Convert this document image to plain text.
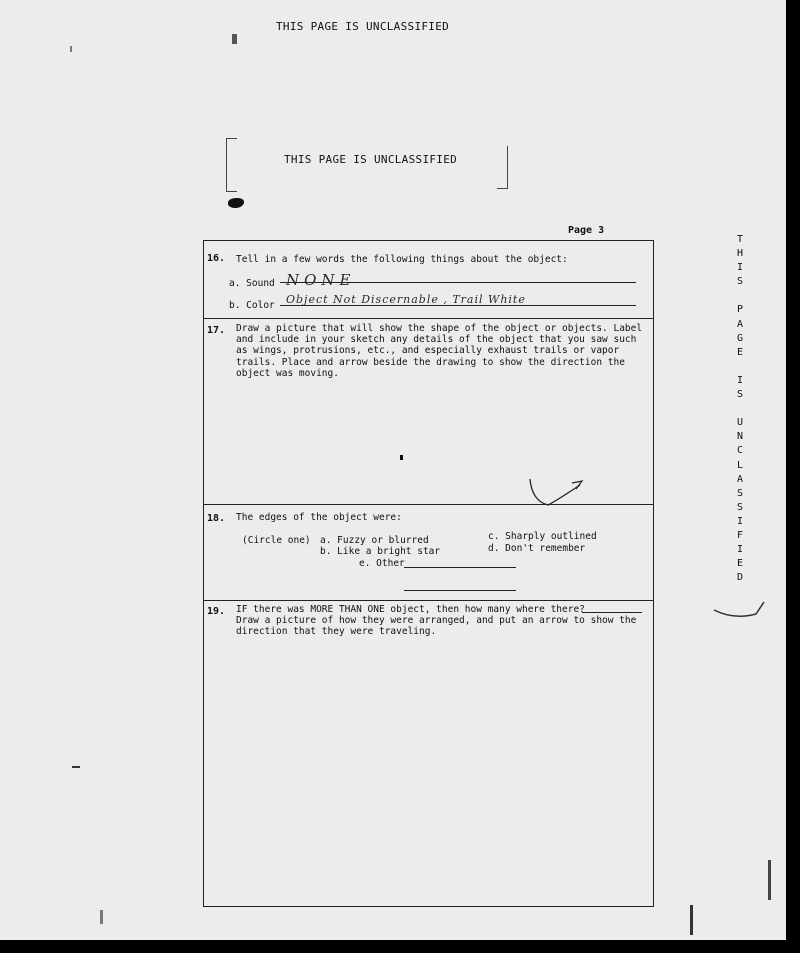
THIS PAGE IS UNCLASSIFIED
THIS PAGE IS UNCLASSIFIED
Page 3
16. Tell in a few words the following things about the object:
a. Sound NONE
b. Color Object Not Discernable , Trail White
17. Draw a picture that will show the shape of the object or objects. Label
and include in your sketch any details of the object that you saw such
as wings, protrusions, etc., and especially exhaust trails or vapor
trails. Place and arrow beside the drawing to show the direction the
object was moving.
18. The edges of the object were:
(Circle one) a. Fuzzy or blurred
b. Like a bright star
c. Sharply outlined
d. Don't remember
e. Other
19. IF there was MORE THAN ONE object, then how many where there?
Draw a picture of how they were arranged, and put an arrow to show the
direction that they were traveling.
T
H
I
S
P
A
G
E
I
S
U
N
C
L
A
S
S
I
F
I
E
D
